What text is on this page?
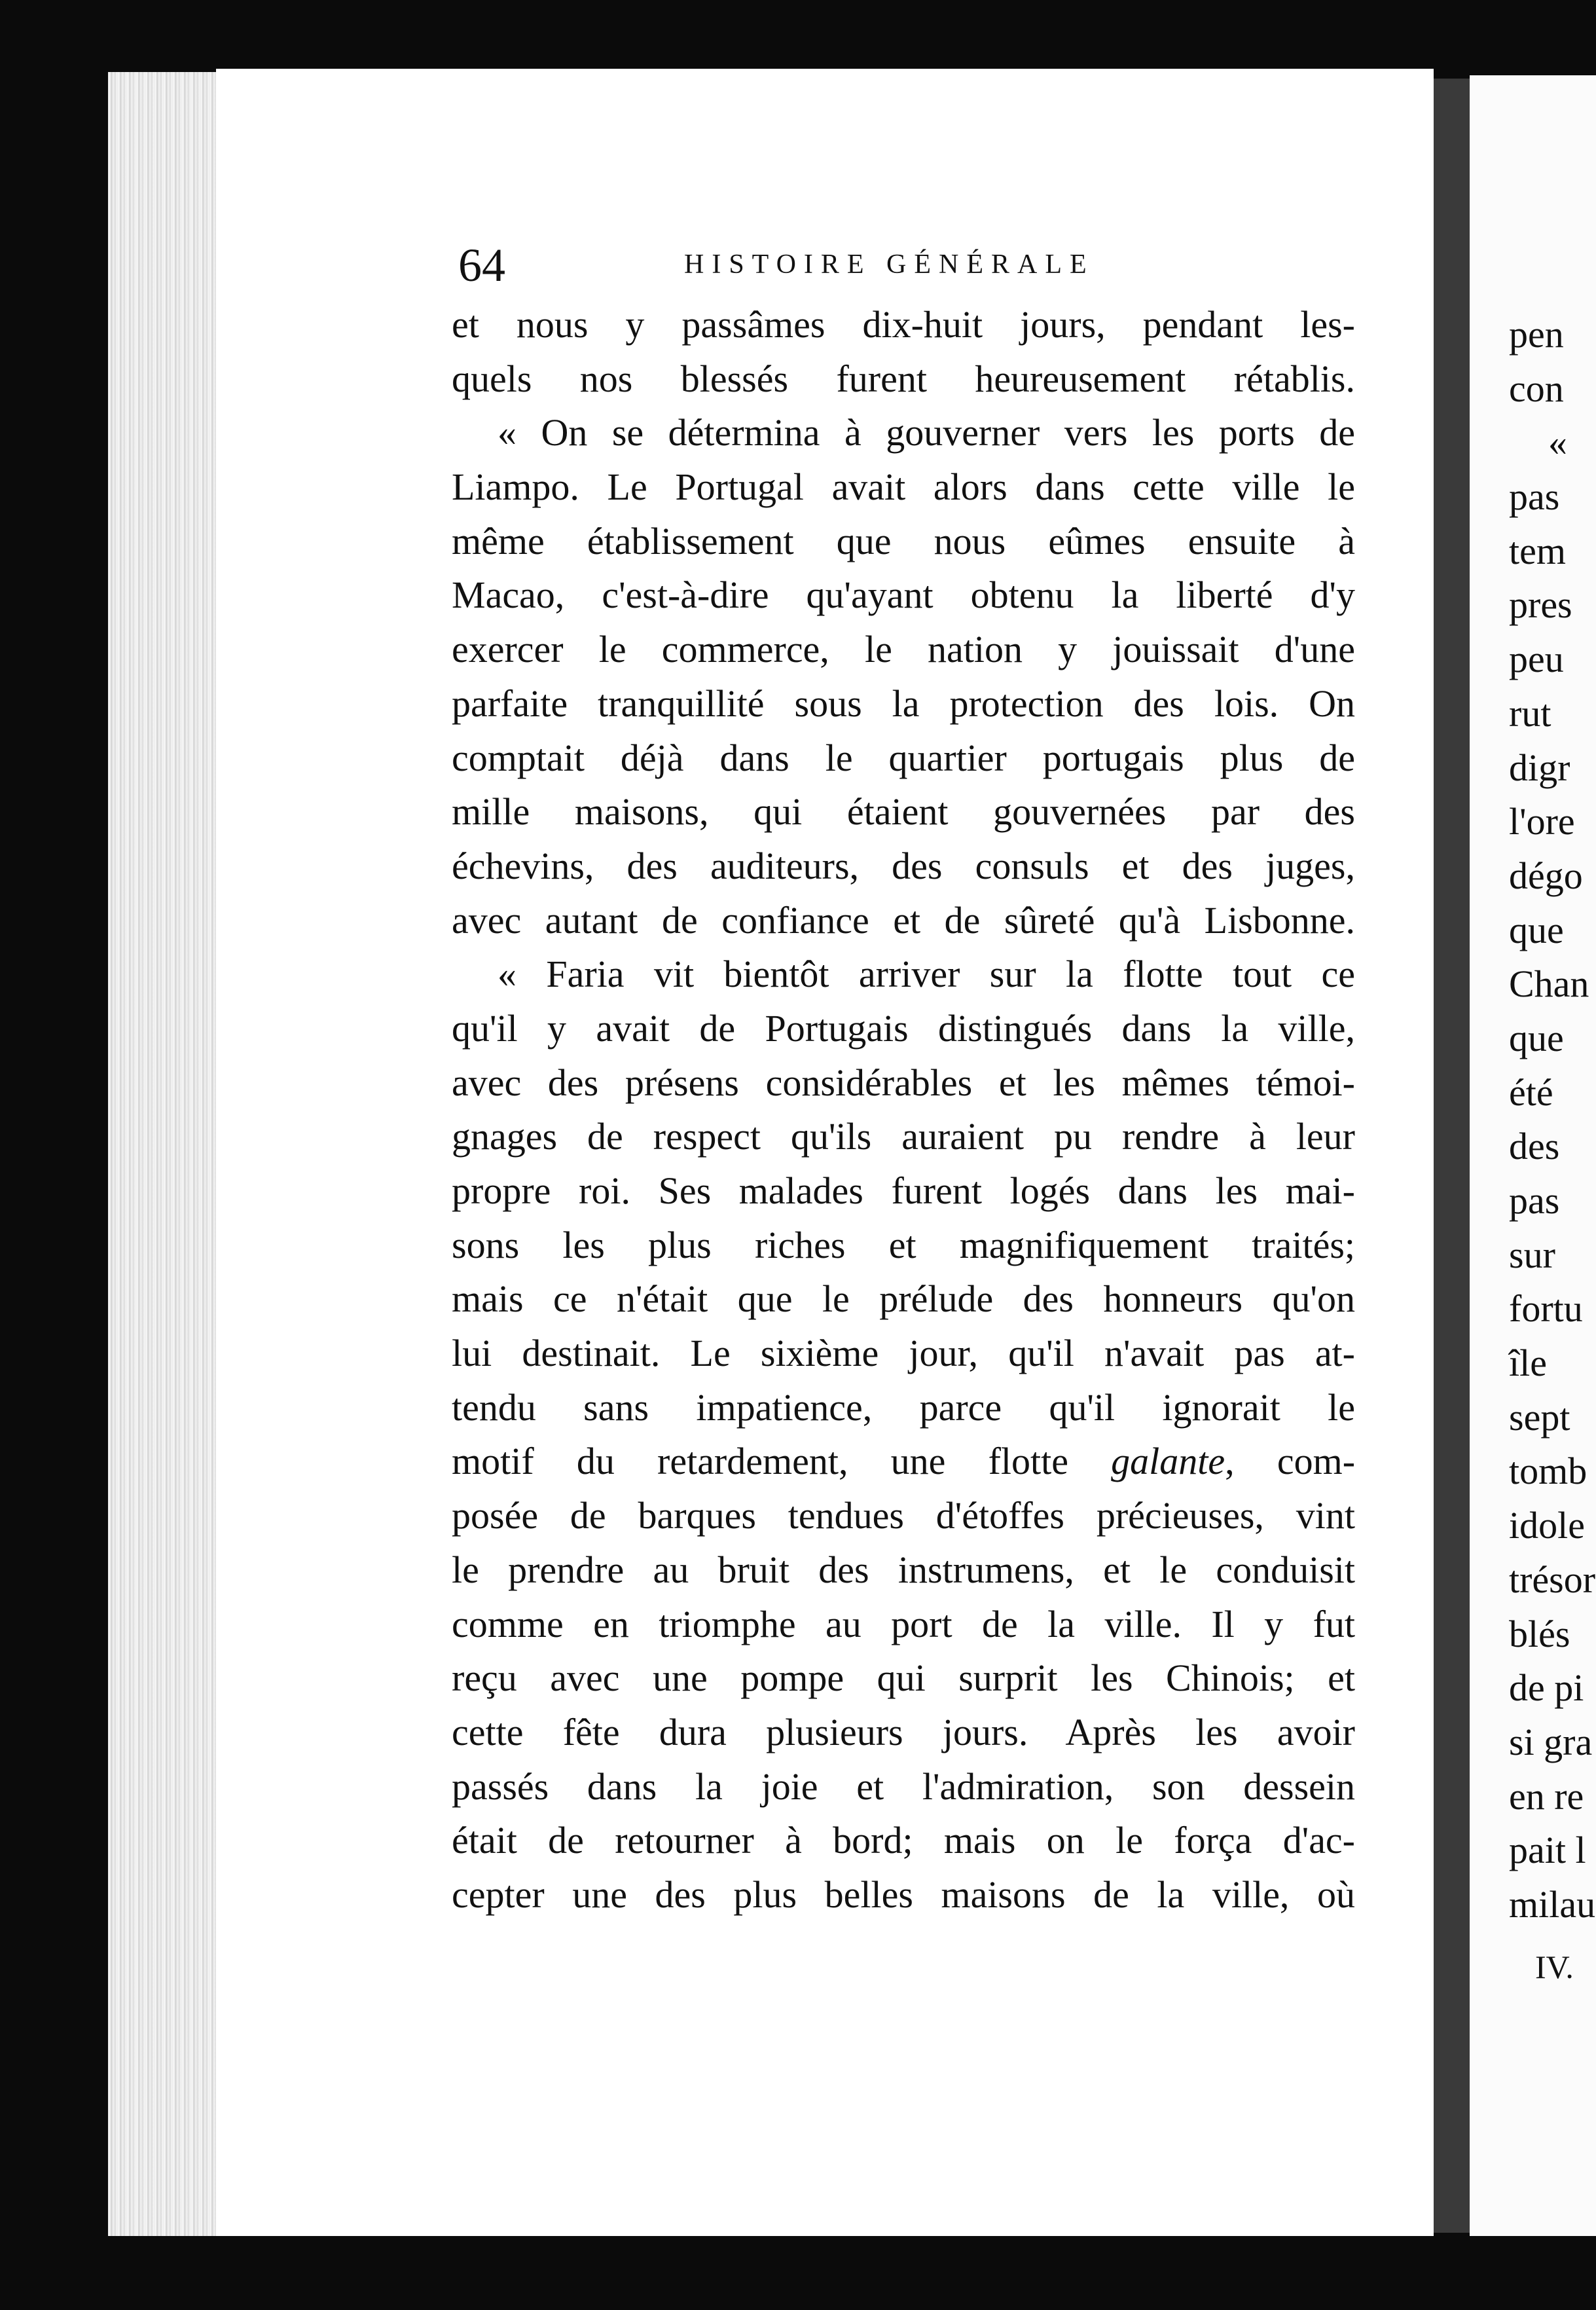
64	HISTOIRE GÉNÉRALE
et nous y passâmes dix-huit jours, pendant les-
quels nos blessés furent heureusement rétablis.
« On se détermina à gouverner vers les ports de
Liampo. Le Portugal avait alors dans cette ville le
même établissement que nous eûmes ensuite à
Macao, c'est-à-dire qu'ayant obtenu la liberté d'y
exercer le commerce, le nation y jouissait d'une
parfaite tranquillité sous la protection des lois. On
comptait déjà dans le quartier portugais plus de
mille maisons, qui étaient gouvernées par des
échevins, des auditeurs, des consuls et des juges,
avec autant de confiance et de sûreté qu'à Lisbonne.
« Faria vit bientôt arriver sur la flotte tout ce
qu'il y avait de Portugais distingués dans la ville,
avec des présens considérables et les mêmes témoi-
gnages de respect qu'ils auraient pu rendre à leur
propre roi. Ses malades furent logés dans les mai-
sons les plus riches et magnifiquement traités;
mais ce n'était que le prélude des honneurs qu'on
lui destinait. Le sixième jour, qu'il n'avait pas at-
tendu sans impatience, parce qu'il ignorait le
motif du retardement, une flotte galante, com-
posée de barques tendues d'étoffes précieuses, vint
le prendre au bruit des instrumens, et le conduisit
comme en triomphe au port de la ville. Il y fut
reçu avec une pompe qui surprit les Chinois; et
cette fête dura plusieurs jours. Après les avoir
passés dans la joie et l'admiration, son dessein
était de retourner à bord; mais on le força d'ac-
cepter une des plus belles maisons de la ville, où
pen
con
«
pas
tem
pres
peu
rut
digr
l'ore
dégo
que
Chan
que
été
des
pas
sur
fortu
île
sept
tomb
idole
trésor
blés
de pi
si gra
en re
pait l
milau
IV.
